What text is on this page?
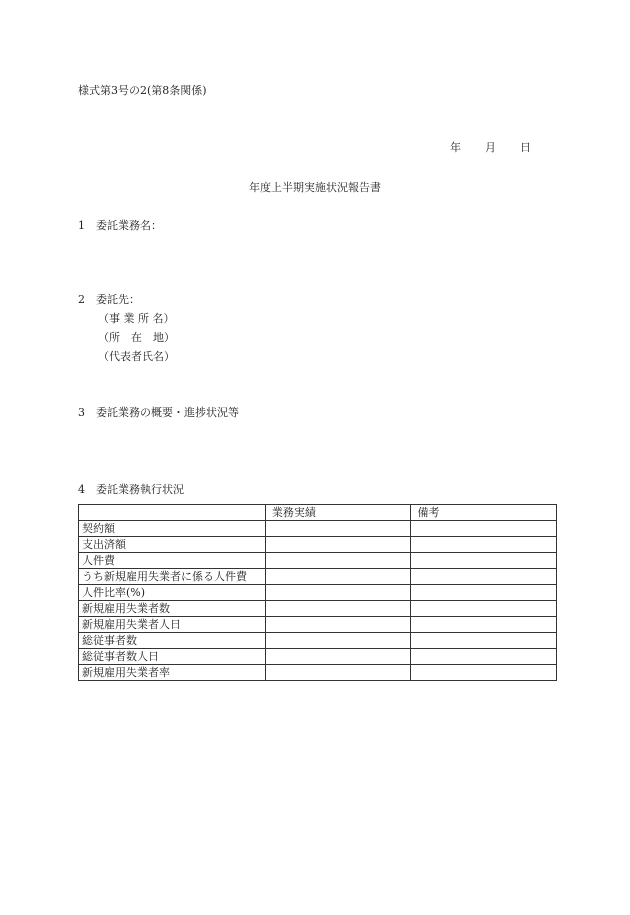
様式第3号の2(第8条関係)
年 月 日
年度上半期実施状況報告書
1 委託業務名：
2 委託先：
（事 業 所 名）
（所　在　地）
（代表者氏名）
3 委託業務の概要・進捗状況等
4 委託業務執行状況
	業務実績	備考
契約額		
支出済額		
人件費		
うち新規雇用失業者に係る人件費		
人件比率(%)		
新規雇用失業者数		
新規雇用失業者人日		
総従事者数		
総従事者数人日		
新規雇用失業者率		
